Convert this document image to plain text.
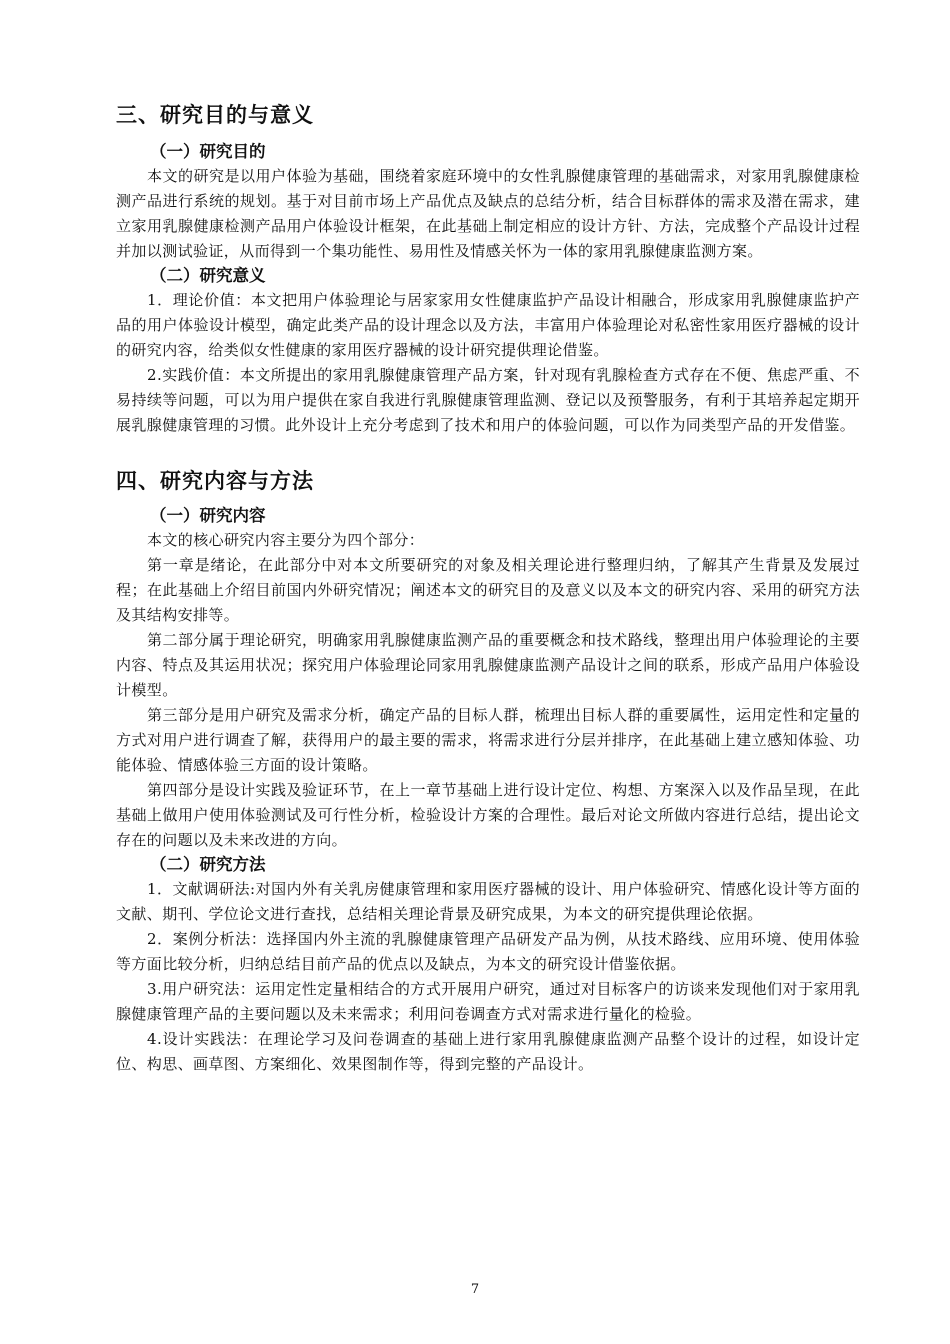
三、研究目的与意义
（一）研究目的

本文的研究是以用户体验为基础，围绕着家庭环境中的女性乳腺健康管理的基础需求，对家用乳腺健康检测产品进行系统的规划。基于对目前市场上产品优点及缺点的总结分析，结合目标群体的需求及潜在需求，建立家用乳腺健康检测产品用户体验设计框架，在此基础上制定相应的设计方针、方法，完成整个产品设计过程并加以测试验证，从而得到一个集功能性、易用性及情感关怀为一体的家用乳腺健康监测方案。

（二）研究意义

1．理论价值：本文把用户体验理论与居家家用女性健康监护产品设计相融合，形成家用乳腺健康监护产品的用户体验设计模型，确定此类产品的设计理念以及方法，丰富用户体验理论对私密性家用医疗器械的设计的研究内容，给类似女性健康的家用医疗器械的设计研究提供理论借鉴。

2.实践价值：本文所提出的家用乳腺健康管理产品方案，针对现有乳腺检查方式存在不便、焦虑严重、不易持续等问题，可以为用户提供在家自我进行乳腺健康管理监测、登记以及预警服务，有利于其培养起定期开展乳腺健康管理的习惯。此外设计上充分考虑到了技术和用户的体验问题，可以作为同类型产品的开发借鉴。

四、研究内容与方法
（一）研究内容

本文的核心研究内容主要分为四个部分：

第一章是绪论，在此部分中对本文所要研究的对象及相关理论进行整理归纳，了解其产生背景及发展过程；在此基础上介绍目前国内外研究情况；阐述本文的研究目的及意义以及本文的研究内容、采用的研究方法及其结构安排等。

第二部分属于理论研究，明确家用乳腺健康监测产品的重要概念和技术路线，整理出用户体验理论的主要内容、特点及其运用状况；探究用户体验理论同家用乳腺健康监测产品设计之间的联系，形成产品用户体验设计模型。

第三部分是用户研究及需求分析，确定产品的目标人群，梳理出目标人群的重要属性，运用定性和定量的方式对用户进行调查了解，获得用户的最主要的需求，将需求进行分层并排序，在此基础上建立感知体验、功能体验、情感体验三方面的设计策略。

第四部分是设计实践及验证环节，在上一章节基础上进行设计定位、构想、方案深入以及作品呈现，在此基础上做用户使用体验测试及可行性分析，检验设计方案的合理性。最后对论文所做内容进行总结，提出论文存在的问题以及未来改进的方向。

（二）研究方法

1．文献调研法:对国内外有关乳房健康管理和家用医疗器械的设计、用户体验研究、情感化设计等方面的文献、期刊、学位论文进行查找，总结相关理论背景及研究成果，为本文的研究提供理论依据。

2．案例分析法：选择国内外主流的乳腺健康管理产品研发产品为例，从技术路线、应用环境、使用体验等方面比较分析，归纳总结目前产品的优点以及缺点，为本文的研究设计借鉴依据。

3.用户研究法：运用定性定量相结合的方式开展用户研究，通过对目标客户的访谈来发现他们对于家用乳腺健康管理产品的主要问题以及未来需求；利用问卷调查方式对需求进行量化的检验。

4.设计实践法：在理论学习及问卷调查的基础上进行家用乳腺健康监测产品整个设计的过程，如设计定位、构思、画草图、方案细化、效果图制作等，得到完整的产品设计。

7
